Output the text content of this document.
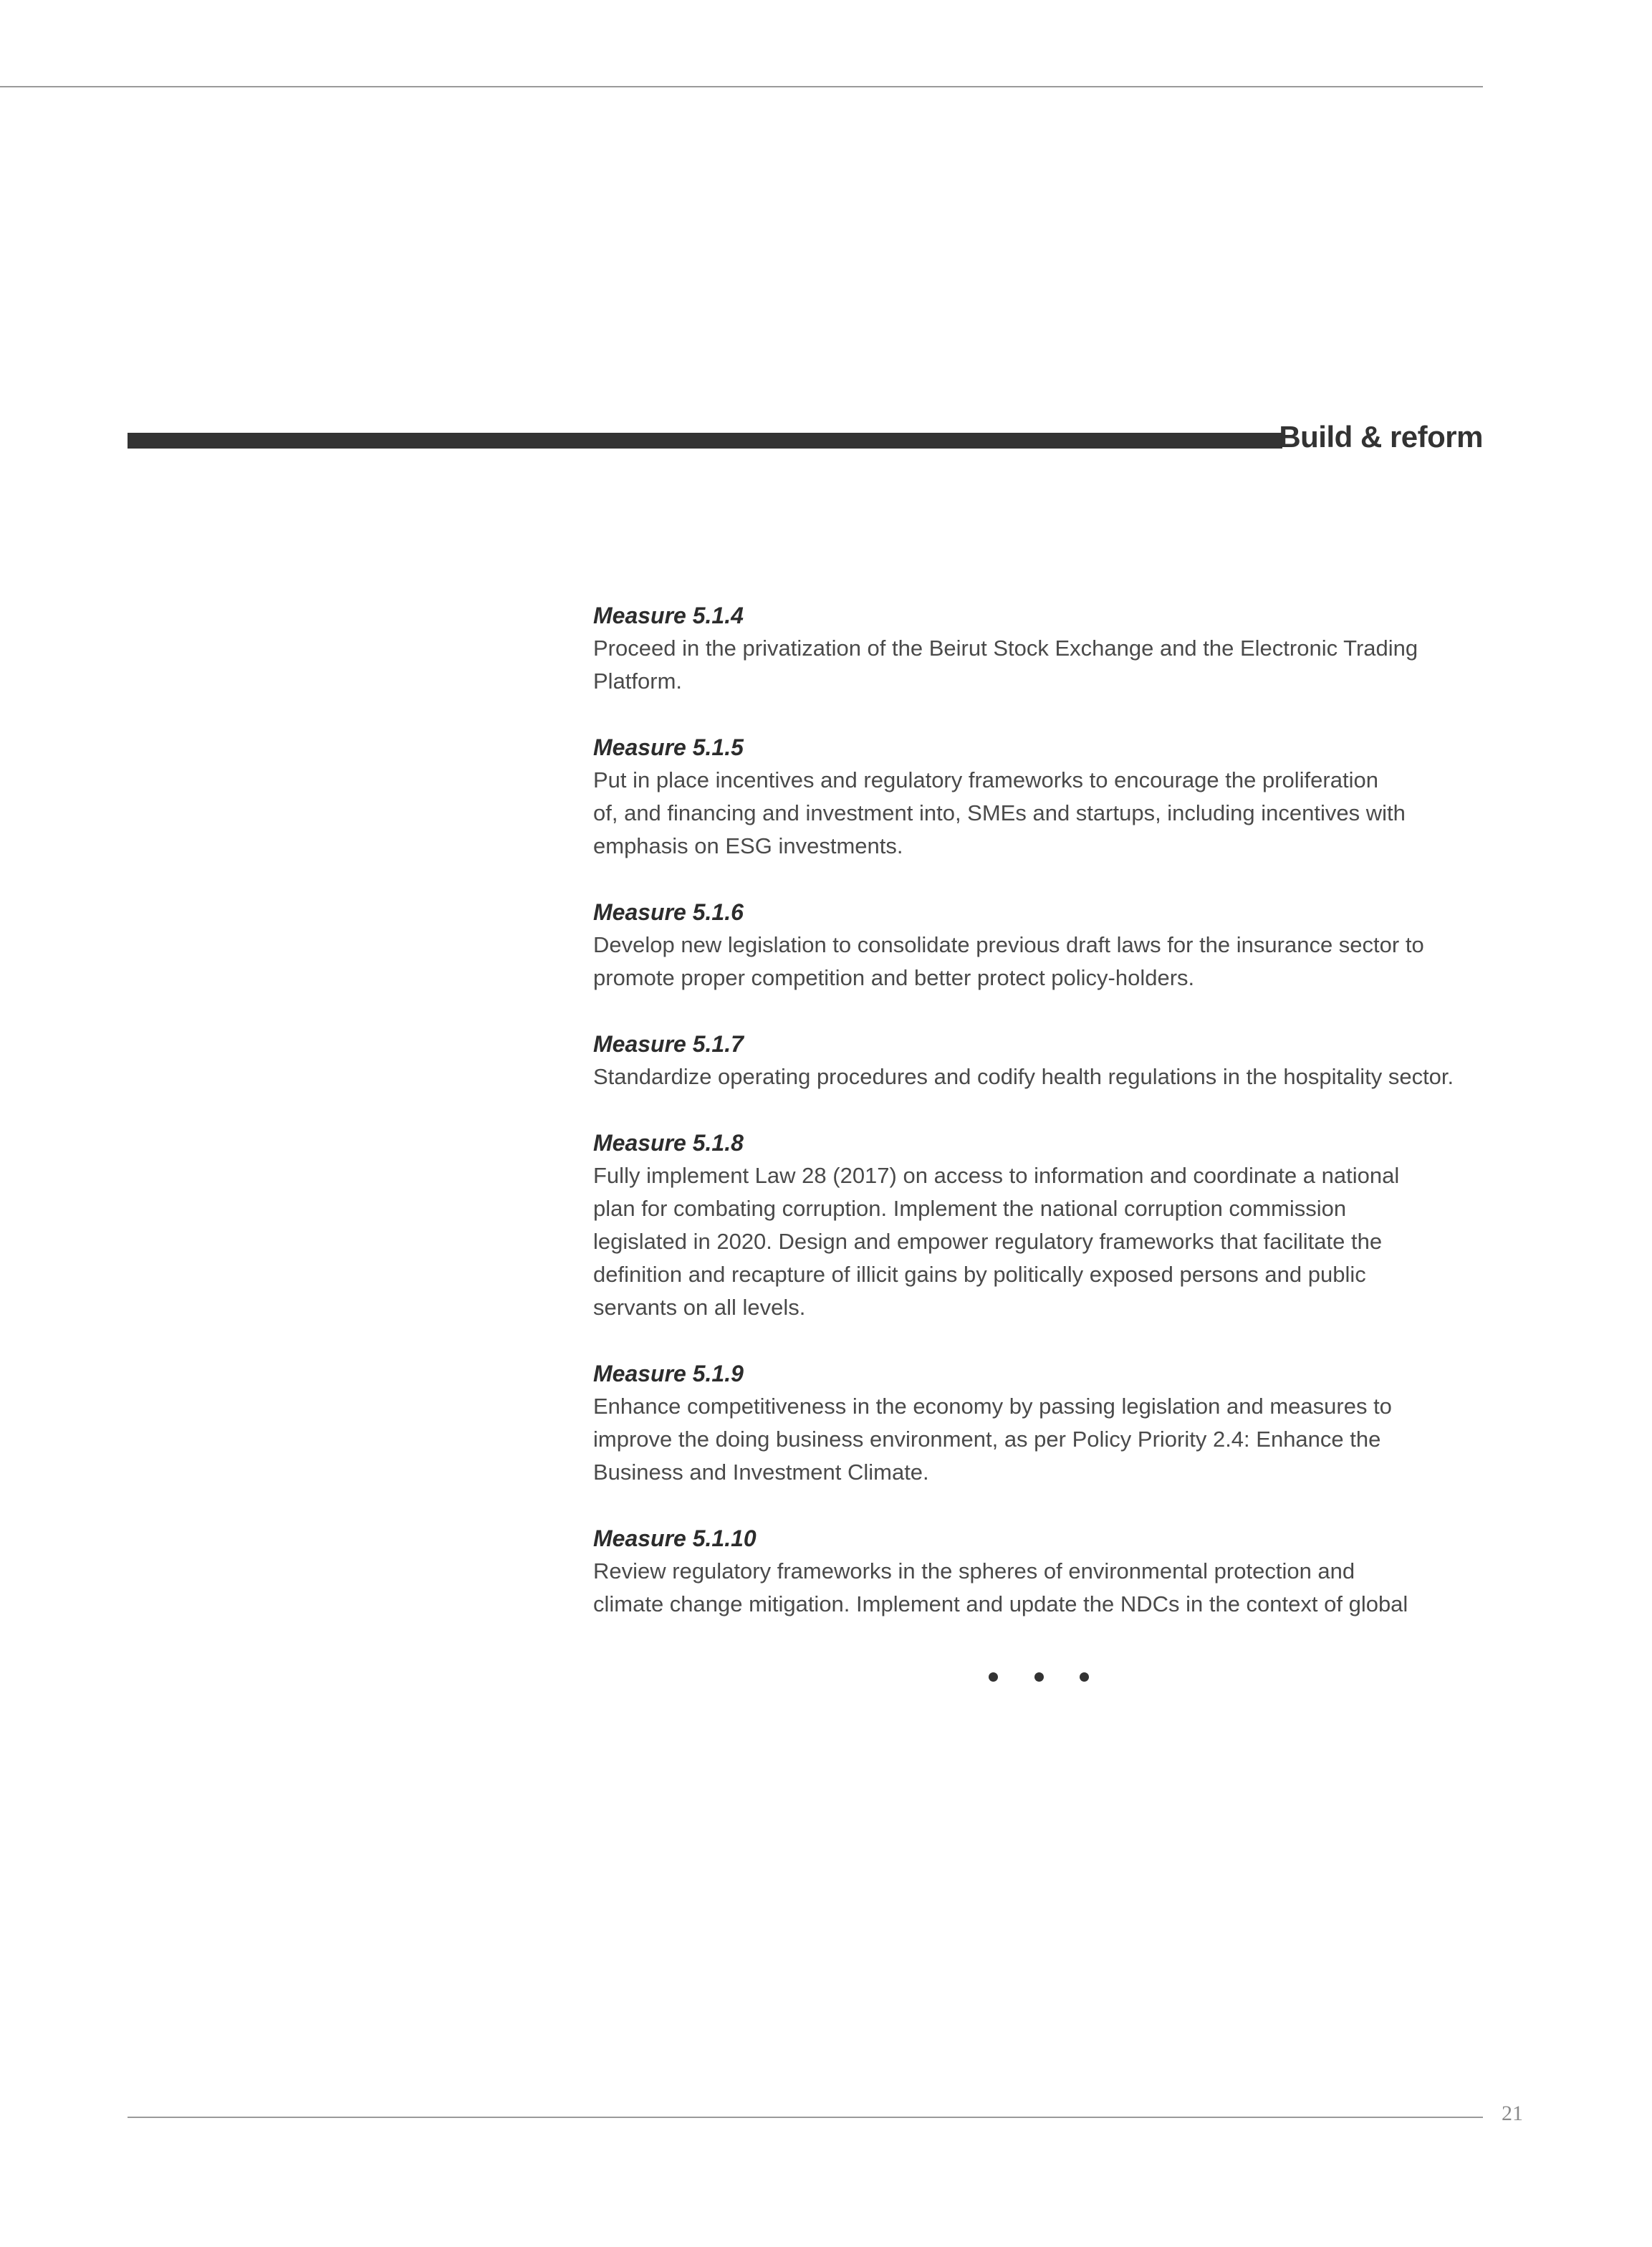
Build & reform

Measure 5.1.4

Proceed in the privatization of the Beirut Stock Exchange and the Electronic Trading
Platform.

Measure 5.1.5

Put in place incentives and regulatory frameworks to encourage the proliferation
of, and financing and investment into, SMEs and startups, including incentives with
emphasis on ESG investments.

Measure 5.1.6

Develop new legislation to consolidate previous draft laws for the insurance sector to
promote proper competition and better protect policy-holders.

Measure 5.1.7

Standardize operating procedures and codify health regulations in the hospitality sector.

Measure 5.1.8

Fully implement Law 28 (2017) on access to information and coordinate a national
plan for combating corruption. Implement the national corruption commission
legislated in 2020. Design and empower regulatory frameworks that facilitate the
definition and recapture of illicit gains by politically exposed persons and public
servants on all levels.

Measure 5.1.9

Enhance competitiveness in the economy by passing legislation and measures to
improve the doing business environment, as per Policy Priority 2.4: Enhance the
Business and Investment Climate.

Measure 5.1.10

Review regulatory frameworks in the spheres of environmental protection and
climate change mitigation. Implement and update the NDCs in the context of global

21
